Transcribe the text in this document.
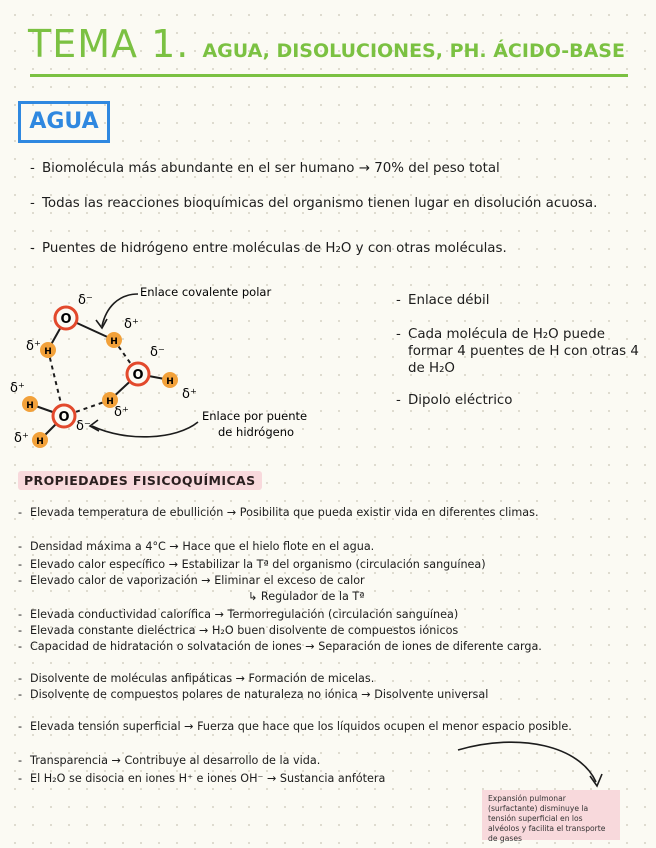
TEMA 1. AGUA, DISOLUCIONES, PH. ÁCIDO-BASE
AGUA
- Biomolécula más abundante en el ser humano → 70% del peso total
- Todas las reacciones bioquímicas del organismo tienen lugar en disolución acuosa.
- Puentes de hidrógeno entre moléculas de H₂O y con otras moléculas.
O
O
O
H
H
H
H
H
H
δ⁻
δ⁺
δ⁺	δ⁻
δ⁺
δ⁺
δ⁺
δ⁻
δ⁺
Enlace covalente polar
Enlace por puente
de hidrógeno
- Enlace débil
- Cada molécula de H₂O puede formar 4 puentes de H con otras 4 de H₂O
- Dipolo eléctrico
PROPIEDADES FISICOQUÍMICAS
- Elevada temperatura de ebullición → Posibilita que pueda existir vida en diferentes climas.
- Densidad máxima a 4°C → Hace que el hielo flote en el agua.
- Elevado calor específico → Estabilizar la Tª del organismo (circulación sanguínea)
- Elevado calor de vaporización → Eliminar el exceso de calor
↳ Regulador de la Tª
- Elevada conductividad calorífica → Termorregulación (circulación sanguínea)
- Elevada constante dieléctrica → H₂O buen disolvente de compuestos iónicos
- Capacidad de hidratación o solvatación de iones → Separación de iones de diferente carga.
- Disolvente de moléculas anfipáticas → Formación de micelas.
- Disolvente de compuestos polares de naturaleza no iónica → Disolvente universal
- Elevada tensión superficial → Fuerza que hace que los líquidos ocupen el menor espacio posible.
- Transparencia → Contribuye al desarrollo de la vida.
- El H₂O se disocia en iones H⁺ e iones OH⁻ → Sustancia anfótera
Expansión pulmonar (surfactante) disminuye la tensión superficial en los alvéolos y facilita el transporte de gases
